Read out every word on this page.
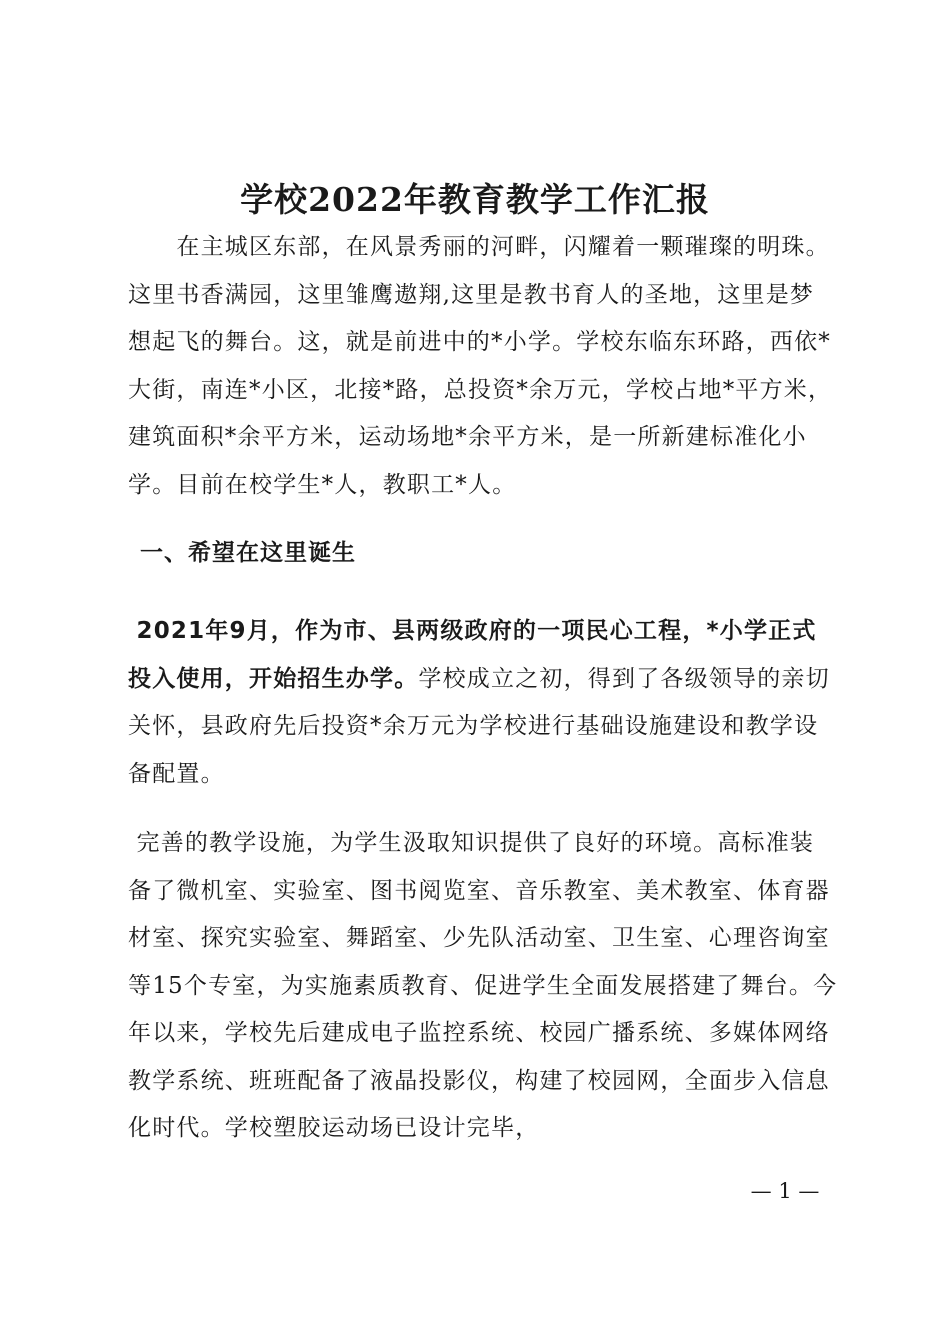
学校2022年教育教学工作汇报
　　在主城区东部，在风景秀丽的河畔，闪耀着一颗璀璨的明珠。这里书香满园，这里雏鹰遨翔,这里是教书育人的圣地，这里是梦想起飞的舞台。这，就是前进中的*小学。学校东临东环路，西依*大街，南连*小区，北接*路，总投资*余万元，学校占地*平方米，建筑面积*余平方米，运动场地*余平方米，是一所新建标准化小学。目前在校学生*人，教职工*人。
一、希望在这里诞生
2021年9月，作为市、县两级政府的一项民心工程，*小学正式投入使用，开始招生办学。学校成立之初，得到了各级领导的亲切关怀，县政府先后投资*余万元为学校进行基础设施建设和教学设备配置。
完善的教学设施，为学生汲取知识提供了良好的环境。高标准装备了微机室、实验室、图书阅览室、音乐教室、美术教室、体育器材室、探究实验室、舞蹈室、少先队活动室、卫生室、心理咨询室等15个专室，为实施素质教育、促进学生全面发展搭建了舞台。今年以来，学校先后建成电子监控系统、校园广播系统、多媒体网络教学系统、班班配备了液晶投影仪，构建了校园网，全面步入信息化时代。学校塑胶运动场已设计完毕，
— 1 —
